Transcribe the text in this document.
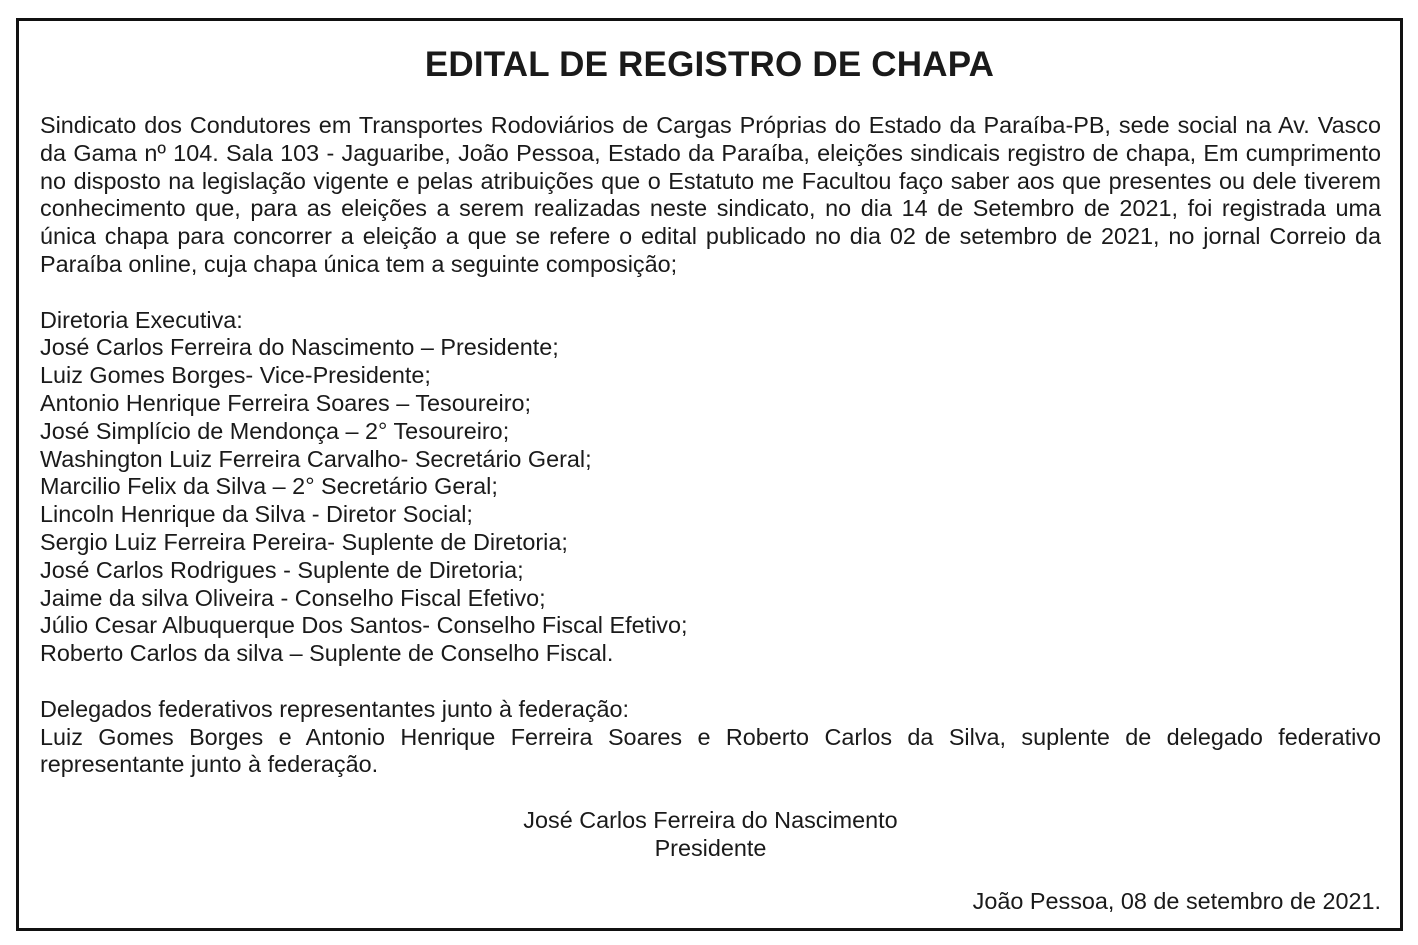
EDITAL DE REGISTRO DE CHAPA

Sindicato dos Condutores em Transportes Rodoviários de Cargas Próprias do Estado da Paraíba-PB, sede social na Av. Vasco da Gama nº 104. Sala 103 - Jaguaribe, João Pessoa, Estado da Paraíba, eleições sindicais registro de chapa, Em cumprimento no disposto na legislação vigente e pelas atribuições que o Estatuto me Facultou faço saber aos que presentes ou dele tiverem conhecimento que, para as eleições a serem realizadas neste sindicato, no dia 14 de Setembro de 2021, foi registrada uma única chapa para concorrer a eleição a que se refere o edital publicado no dia 02 de setembro de 2021, no jornal Correio da Paraíba online, cuja chapa única tem a seguinte composição;

Diretoria Executiva:
José Carlos Ferreira do Nascimento – Presidente;
Luiz Gomes Borges- Vice-Presidente;
Antonio Henrique Ferreira Soares – Tesoureiro;
José Simplício de Mendonça – 2° Tesoureiro;
Washington Luiz Ferreira Carvalho- Secretário Geral;
Marcilio Felix da Silva – 2° Secretário Geral;
Lincoln Henrique da Silva - Diretor Social;
Sergio Luiz Ferreira Pereira- Suplente de Diretoria;
José Carlos Rodrigues - Suplente de Diretoria;
Jaime da silva Oliveira - Conselho Fiscal Efetivo;
Júlio Cesar Albuquerque Dos Santos- Conselho Fiscal Efetivo;
Roberto Carlos da silva – Suplente de Conselho Fiscal.
Delegados federativos representantes junto à federação:

Luiz Gomes Borges e Antonio Henrique Ferreira Soares e Roberto Carlos da Silva, suplente de delegado federativo representante junto à federação.

José Carlos Ferreira do Nascimento
Presidente
João Pessoa, 08 de setembro de 2021.
